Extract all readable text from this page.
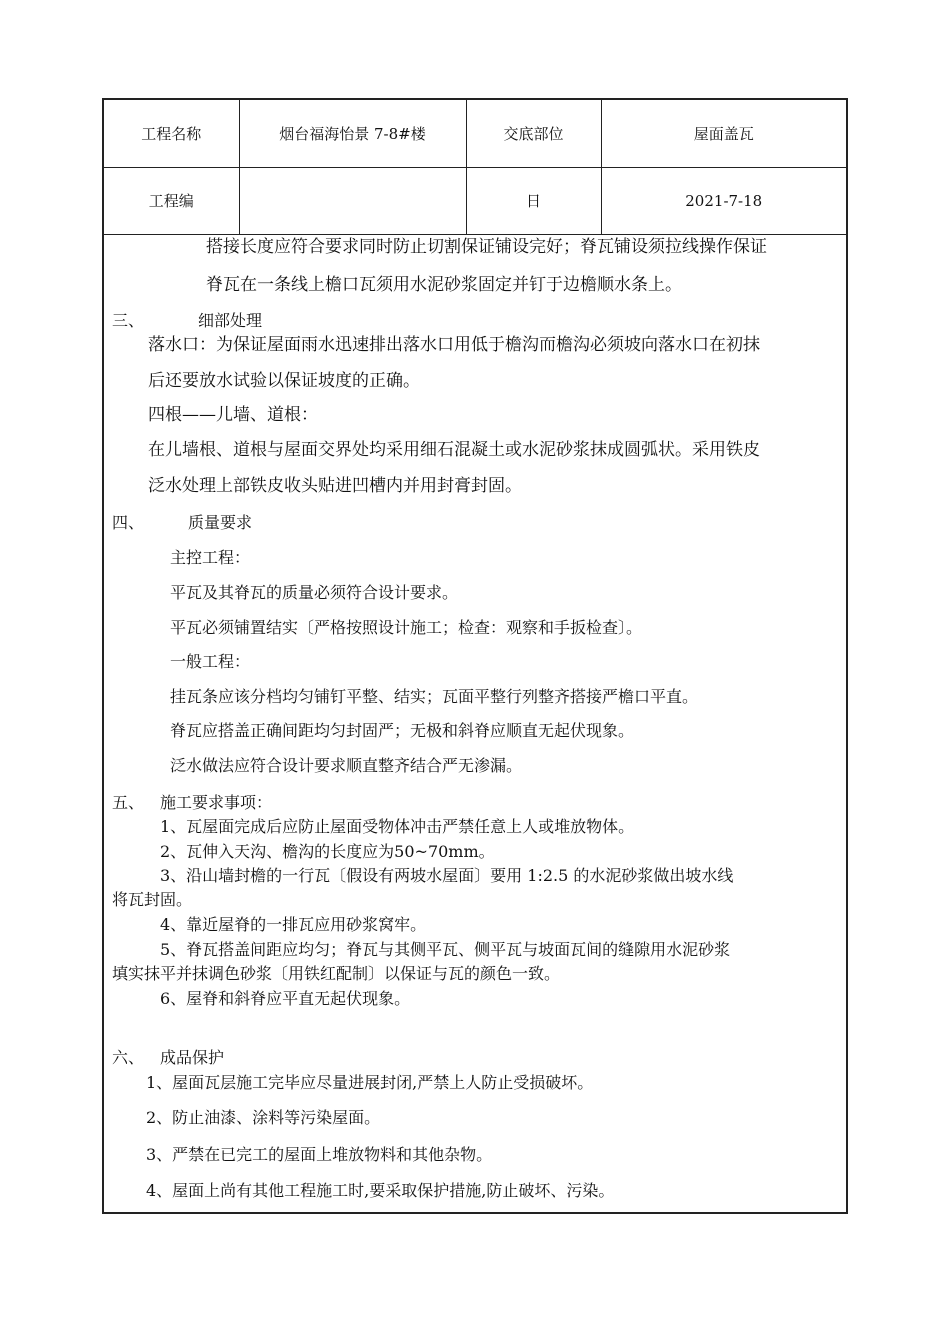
工程名称	烟台福海怡景 7-8#楼	交底部位	屋面盖瓦
工程编		日	2021-7-18
搭接长度应符合要求同时防止切割保证铺设完好；脊瓦铺设须拉线操作保证
脊瓦在一条线上檐口瓦须用水泥砂浆固定并钉于边檐顺水条上。
三、	细部处理
落水口：为保证屋面雨水迅速排出落水口用低于檐沟而檐沟必须坡向落水口在初抹
后还要放水试验以保证坡度的正确。
四根——儿墙、道根：
在儿墙根、道根与屋面交界处均采用细石混凝土或水泥砂浆抹成圆弧状。采用铁皮
泛水处理上部铁皮收头贴进凹槽内并用封膏封固。
四、	质量要求
主控工程：
平瓦及其脊瓦的质量必须符合设计要求。
平瓦必须铺置结实〔严格按照设计施工；检查：观察和手扳检查〕。
一般工程：
挂瓦条应该分档均匀铺钉平整、结实；瓦面平整行列整齐搭接严檐口平直。
脊瓦应搭盖正确间距均匀封固严；无极和斜脊应顺直无起伏现象。
泛水做法应符合设计要求顺直整齐结合严无渗漏。
五、 施工要求事项：
1、瓦屋面完成后应防止屋面受物体冲击严禁任意上人或堆放物体。
2、瓦伸入天沟、檐沟的长度应为50~70mm。
3、沿山墙封檐的一行瓦〔假设有两坡水屋面〕要用 1:2.5 的水泥砂浆做出坡水线
将瓦封固。
4、靠近屋脊的一排瓦应用砂浆窝牢。
5、脊瓦搭盖间距应均匀；脊瓦与其侧平瓦、侧平瓦与坡面瓦间的缝隙用水泥砂浆
填实抹平并抹调色砂浆〔用铁红配制〕以保证与瓦的颜色一致。
6、屋脊和斜脊应平直无起伏现象。
六、 成品保护
1、屋面瓦层施工完毕应尽量进展封闭,严禁上人防止受损破坏。
2、防止油漆、涂料等污染屋面。
3、严禁在已完工的屋面上堆放物料和其他杂物。
4、屋面上尚有其他工程施工时,要采取保护措施,防止破坏、污染。
